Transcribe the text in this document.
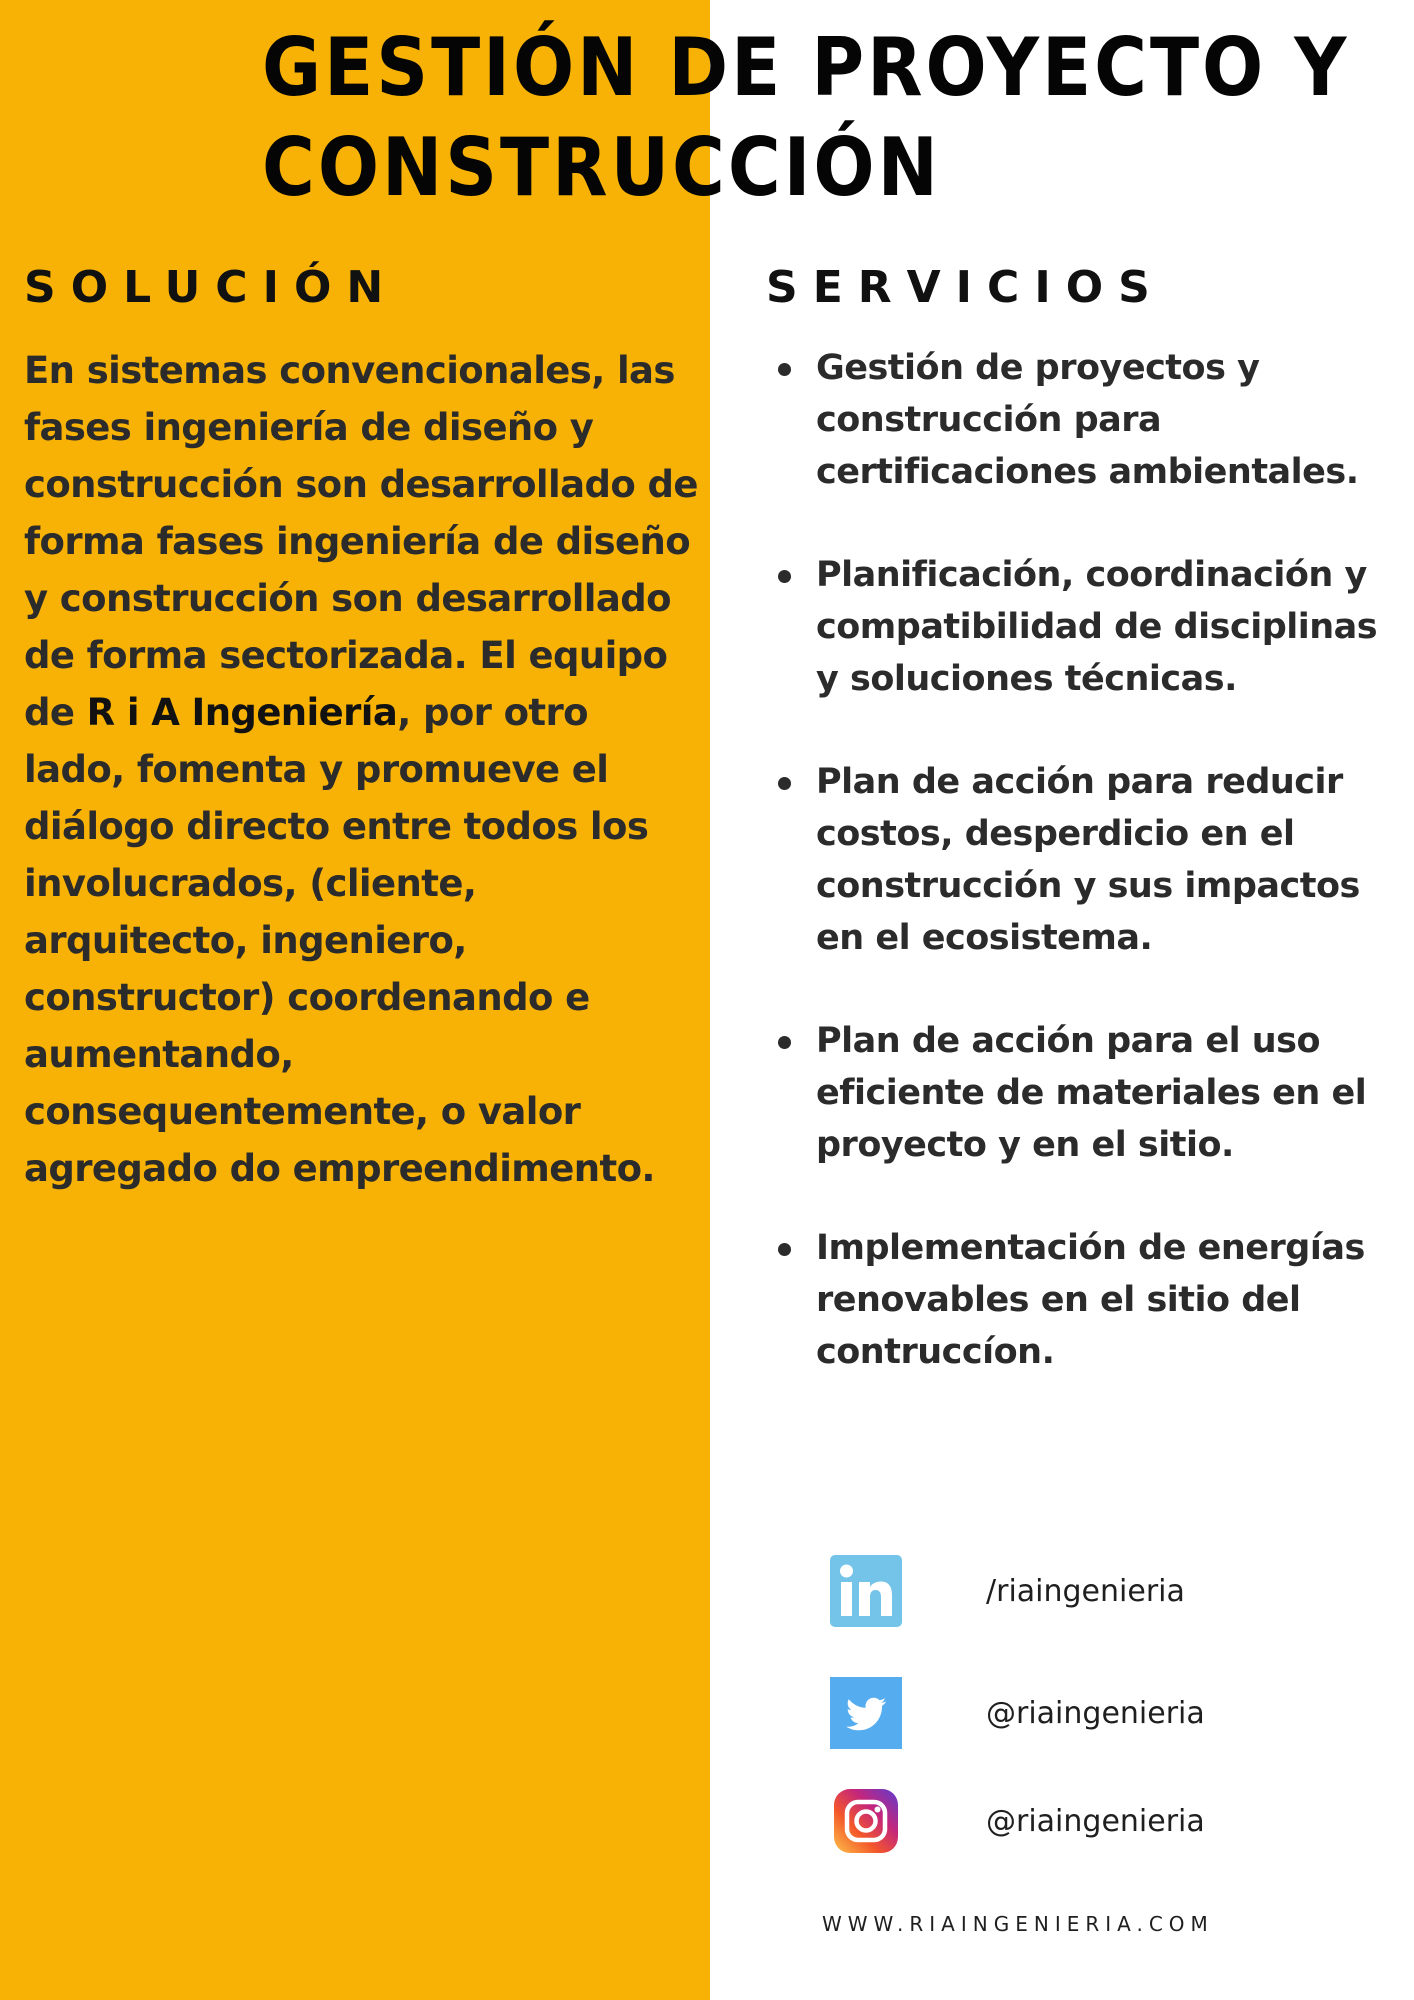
GESTIÓN DE PROYECTO Y
CONSTRUCCIÓN
SOLUCIÓN	SERVICIOS

En sistemas convencionales, las fases ingeniería de diseño y construcción son desarrollado de forma fases ingeniería de diseño y construcción son desarrollado de forma sectorizada. El equipo de R i A Ingeniería, por otro lado, fomenta y promueve el diálogo directo entre todos los involucrados, (cliente, arquitecto, ingeniero, constructor) coordenando e aumentando, consequentemente, o valor agregado do empreendimento.

Gestión de proyectos y construcción para certificaciones ambientales.
Planificación, coordinación y compatibilidad de disciplinas y soluciones técnicas.
Plan de acción para reducir costos, desperdicio en el construcción y sus impactos en el ecosistema.
Plan de acción para el uso eficiente de materiales en el proyecto y en el sitio.
Implementación de energías renovables en el sitio del contruccíon.
/riaingenieria
@riaingenieria
@riaingenieria
WWW.RIAINGENIERIA.COM
